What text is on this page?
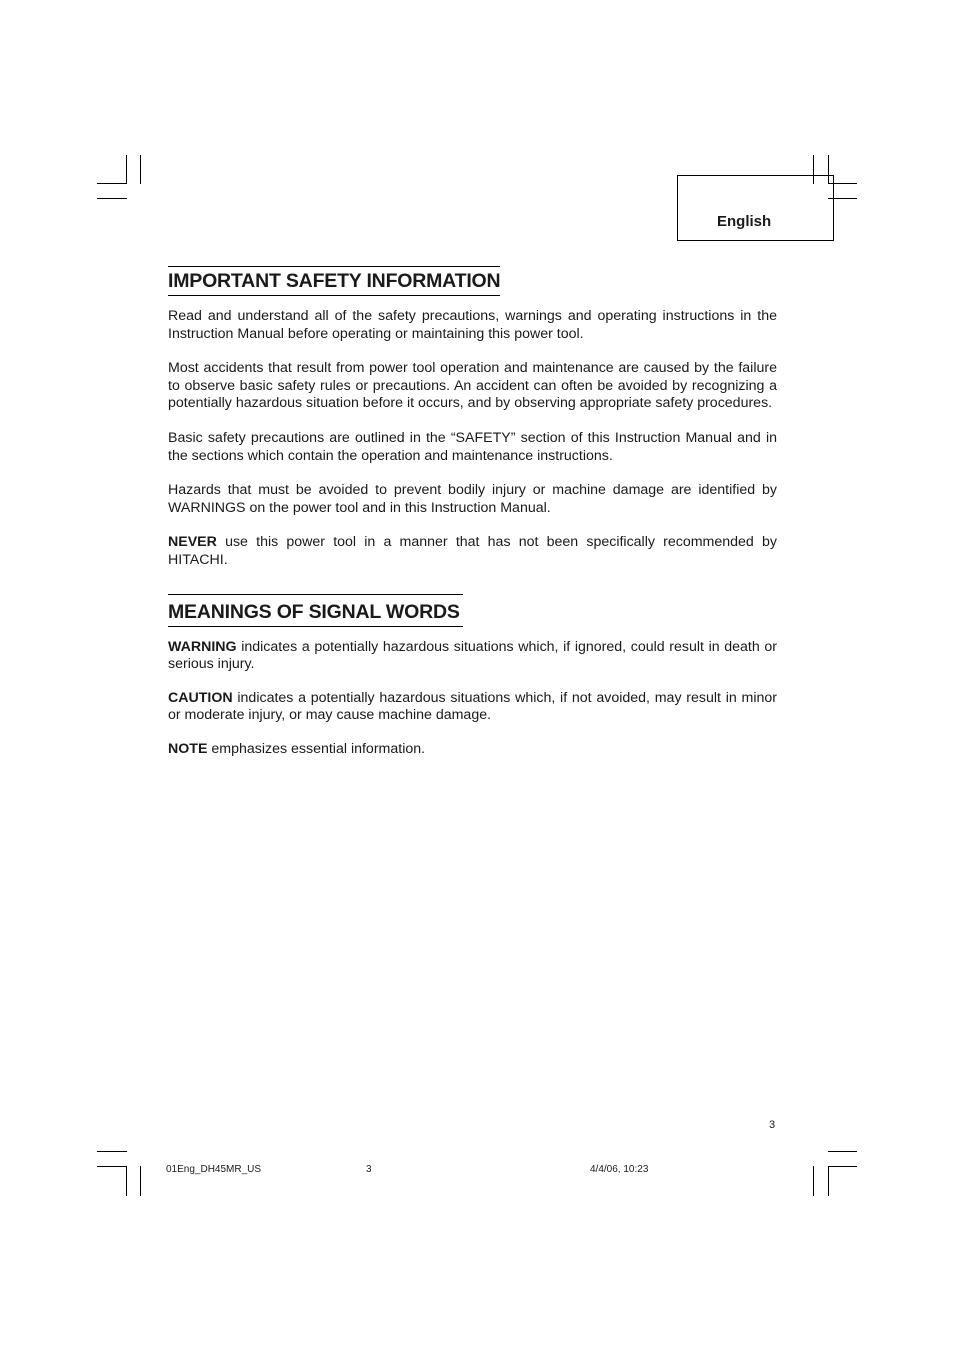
English
IMPORTANT SAFETY INFORMATION

Read and understand all of the safety precautions, warnings and operating instructions in the Instruction Manual before operating or maintaining this power tool.

Most accidents that result from power tool operation and maintenance are caused by the failure to observe basic safety rules or precautions. An accident can often be avoided by recognizing a potentially hazardous situation before it occurs, and by observing appropriate safety procedures.

Basic safety precautions are outlined in the “SAFETY” section of this Instruction Manual and in the sections which contain the operation and maintenance instructions.

Hazards that must be avoided to prevent bodily injury or machine damage are identified by WARNINGS on the power tool and in this Instruction Manual.

NEVER use this power tool in a manner that has not been specifically recommended by HITACHI.

MEANINGS OF SIGNAL WORDS

WARNING indicates a potentially hazardous situations which, if ignored, could result in death or serious injury.

CAUTION indicates a potentially hazardous situations which, if not avoided, may result in minor or moderate injury, or may cause machine damage.

NOTE emphasizes essential information.

3
01Eng_DH45MR_US	3	4/4/06, 10:23
